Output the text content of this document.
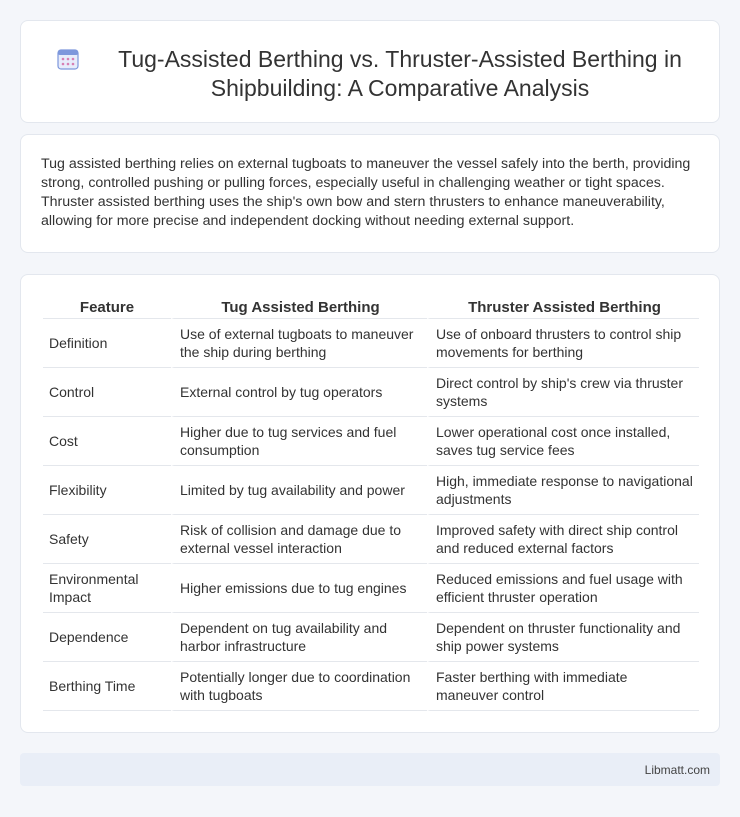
Tug-Assisted Berthing vs. Thruster-Assisted Berthing in Shipbuilding: A Comparative Analysis

Tug assisted berthing relies on external tugboats to maneuver the vessel safely into the berth, providing strong, controlled pushing or pulling forces, especially useful in challenging weather or tight spaces. Thruster assisted berthing uses the ship's own bow and stern thrusters to enhance maneuverability, allowing for more precise and independent docking without needing external support.

Feature	Tug Assisted Berthing	Thruster Assisted Berthing
Definition	Use of external tugboats to maneuver the ship during berthing	Use of onboard thrusters to control ship movements for berthing
Control	External control by tug operators	Direct control by ship's crew via thruster systems
Cost	Higher due to tug services and fuel consumption	Lower operational cost once installed, saves tug service fees
Flexibility	Limited by tug availability and power	High, immediate response to navigational adjustments
Safety	Risk of collision and damage due to external vessel interaction	Improved safety with direct ship control and reduced external factors
Environmental Impact	Higher emissions due to tug engines	Reduced emissions and fuel usage with efficient thruster operation
Dependence	Dependent on tug availability and harbor infrastructure	Dependent on thruster functionality and ship power systems
Berthing Time	Potentially longer due to coordination with tugboats	Faster berthing with immediate maneuver control
Libmatt.com
